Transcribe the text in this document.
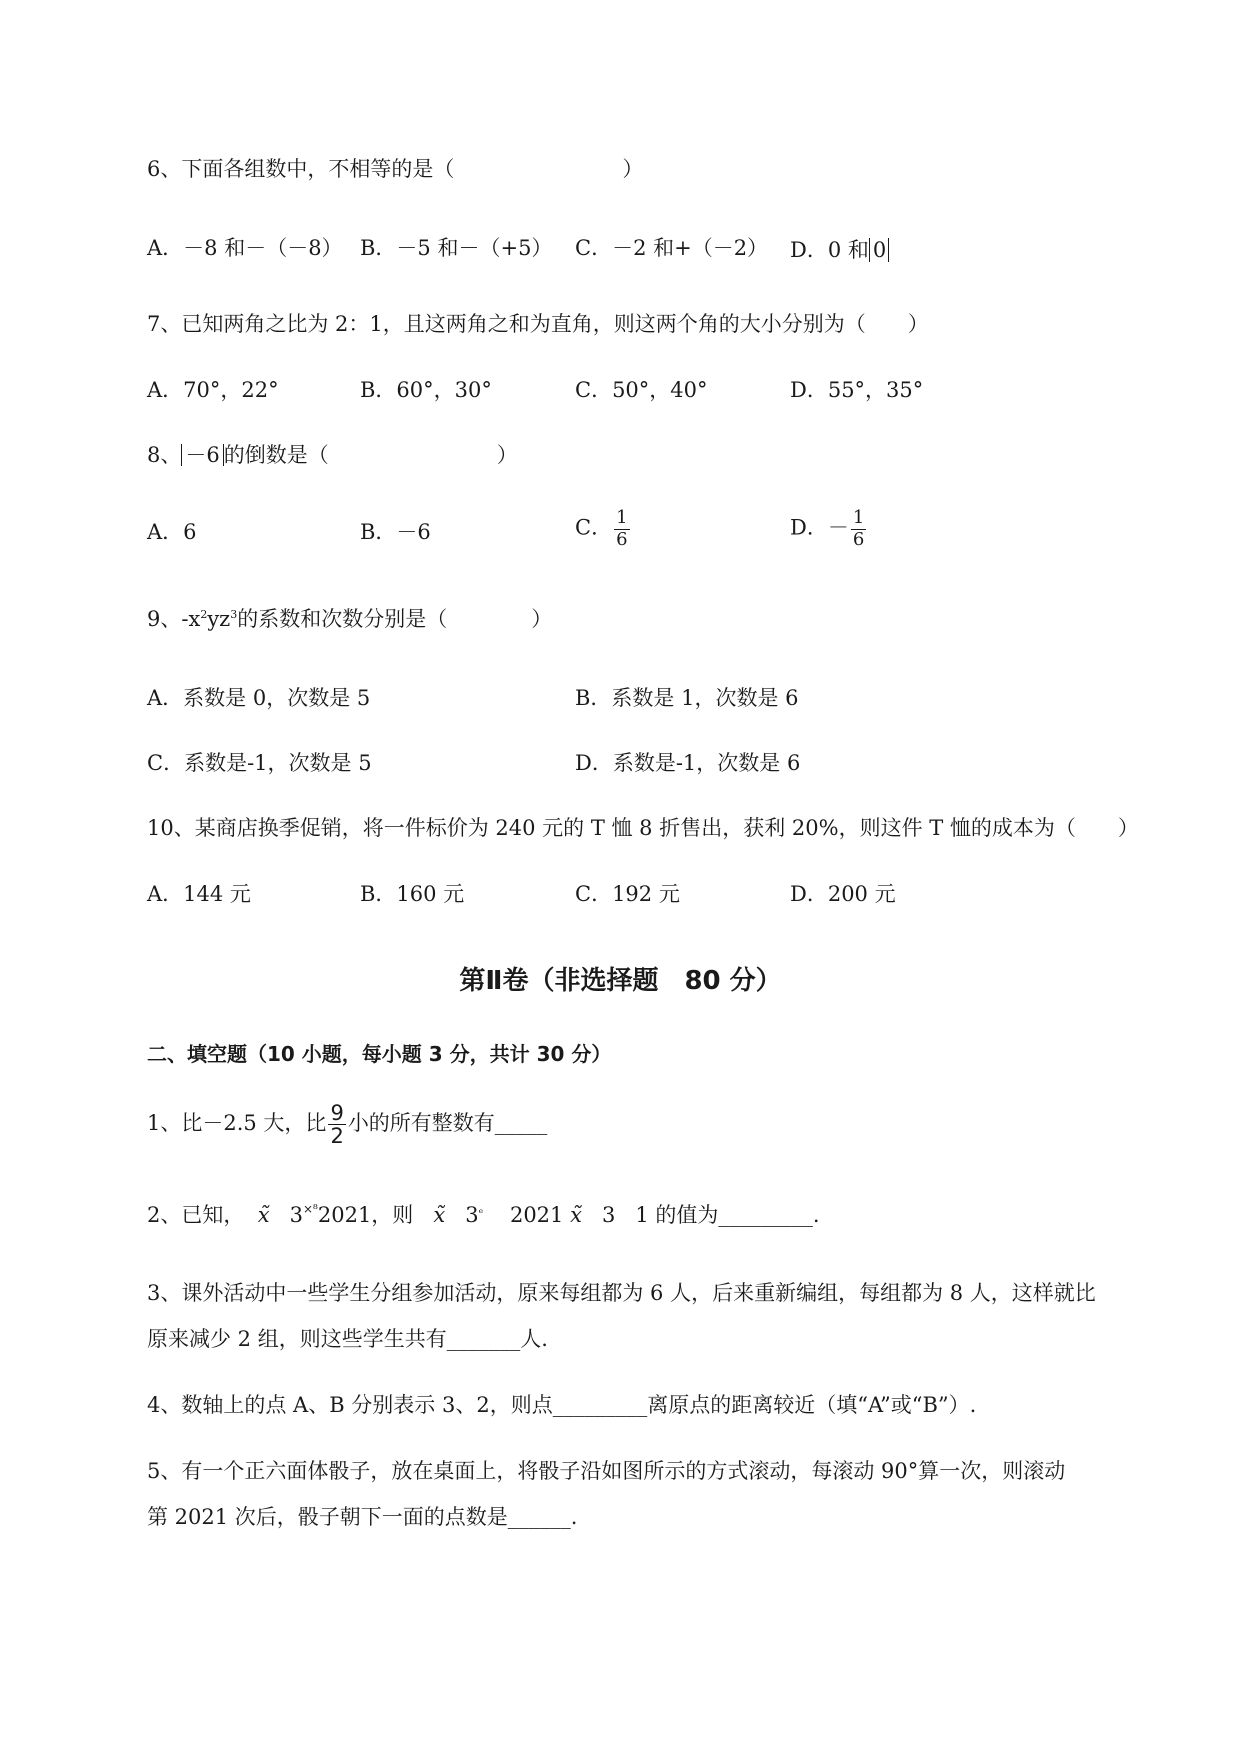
6、下面各组数中，不相等的是（　　　　　　　　）
A．－8 和－（－8） B．－5 和－（+5） C．－2 和+（－2） D．0 和 0
7、已知两角之比为 2：1，且这两角之和为直角，则这两个角的大小分别为（　　）
A．70°，22°	B．60°，30°	C．50°，40°	D．55°，35°
8、 －6 的倒数是（　　　　　　　　）
A．6	B．－6	C． $\frac{1}{6}$	D．－ $\frac{1}{6}$
9、$-x^2yz^3$的系数和次数分别是（　　　　）
A．系数是 0，次数是 5	B．系数是 1，次数是 6
C．系数是-1，次数是 5	D．系数是-1，次数是 6
10、某商店换季促销，将一件标价为 240 元的 T 恤 8 折售出，获利 20%，则这件 T 恤的成本为（　　）
A．144 元	B．160 元	C．192 元	D．200 元
第Ⅱ卷（非选择题　80 分）
二、填空题（10 小题，每小题 3 分，共计 30 分）
1、比－2.5 大，比 $\frac{9}{2}$ 小的所有整数有_____
2、已知， x̃ $3^{\times^8}2021$，则 x̃ $3^{_e}$ 2021 x̃ 3 1 的值为_________.
3、课外活动中一些学生分组参加活动，原来每组都为 6 人，后来重新编组，每组都为 8 人，这样就比
原来减少 2 组，则这些学生共有_______人.
4、数轴上的点 A、B 分别表示 3、2，则点_________离原点的距离较近（填“A”或“B”）.
5、有一个正六面体骰子，放在桌面上，将骰子沿如图所示的方式滚动，每滚动 90°算一次，则滚动
第 2021 次后，骰子朝下一面的点数是______.
